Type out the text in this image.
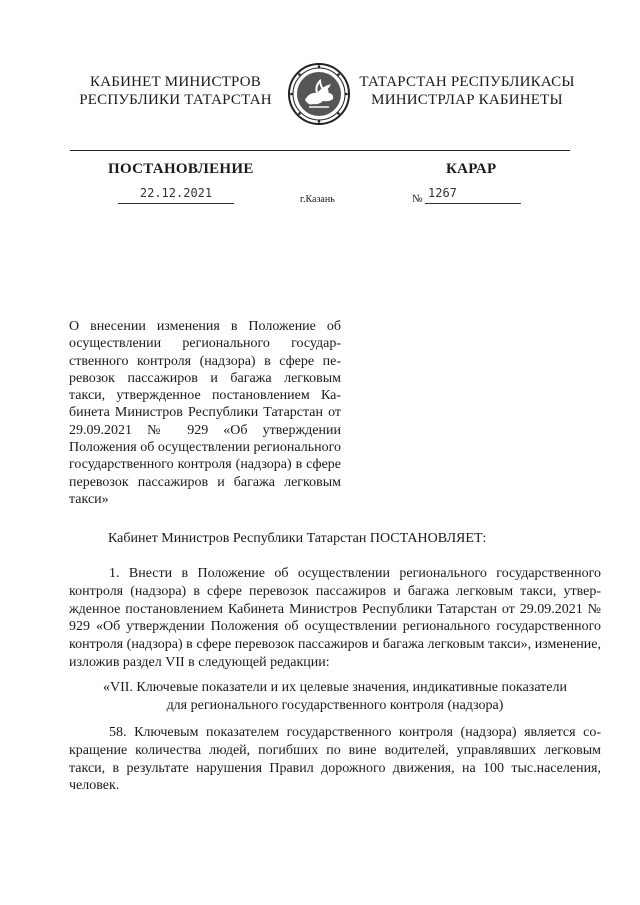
КАБИНЕТ МИНИСТРОВ
РЕСПУБЛИКИ ТАТАРСТАН
ТАТАРСТАН РЕСПУБЛИКАСЫ
МИНИСТРЛАР КАБИНЕТЫ
ПОСТАНОВЛЕНИЕ	КАРАР
22.12.2021	г.Казань	№ 1267
О внесении изменения в Положение об осуществлении регионального государственного контроля (надзора) в сфере перевозок пассажиров и багажа легковым такси, утвержденное постановлением Кабинета Министров Республики Татарстан от 29.09.2021 № 929 «Об утверждении Положения об осуществлении регионального государственного контроля (надзора) в сфере перевозок пассажиров и багажа легковым такси»
Кабинет Министров Республики Татарстан ПОСТАНОВЛЯЕТ:
1. Внести в Положение об осуществлении регионального государственного контроля (надзора) в сфере перевозок пассажиров и багажа легковым такси, утвержденное постановлением Кабинета Министров Республики Татарстан от 29.09.2021 № 929 «Об утверждении Положения об осуществлении регионального государственного контроля (надзора) в сфере перевозок пассажиров и багажа легковым такси», изменение, изложив раздел VII в следующей редакции:
«VII. Ключевые показатели и их целевые значения, индикативные показатели
для регионального государственного контроля (надзора)
58. Ключевым показателем государственного контроля (надзора) является сокращение количества людей, погибших по вине водителей, управлявших легковым такси, в результате нарушения Правил дорожного движения, на 100 тыс.населения, человек.
